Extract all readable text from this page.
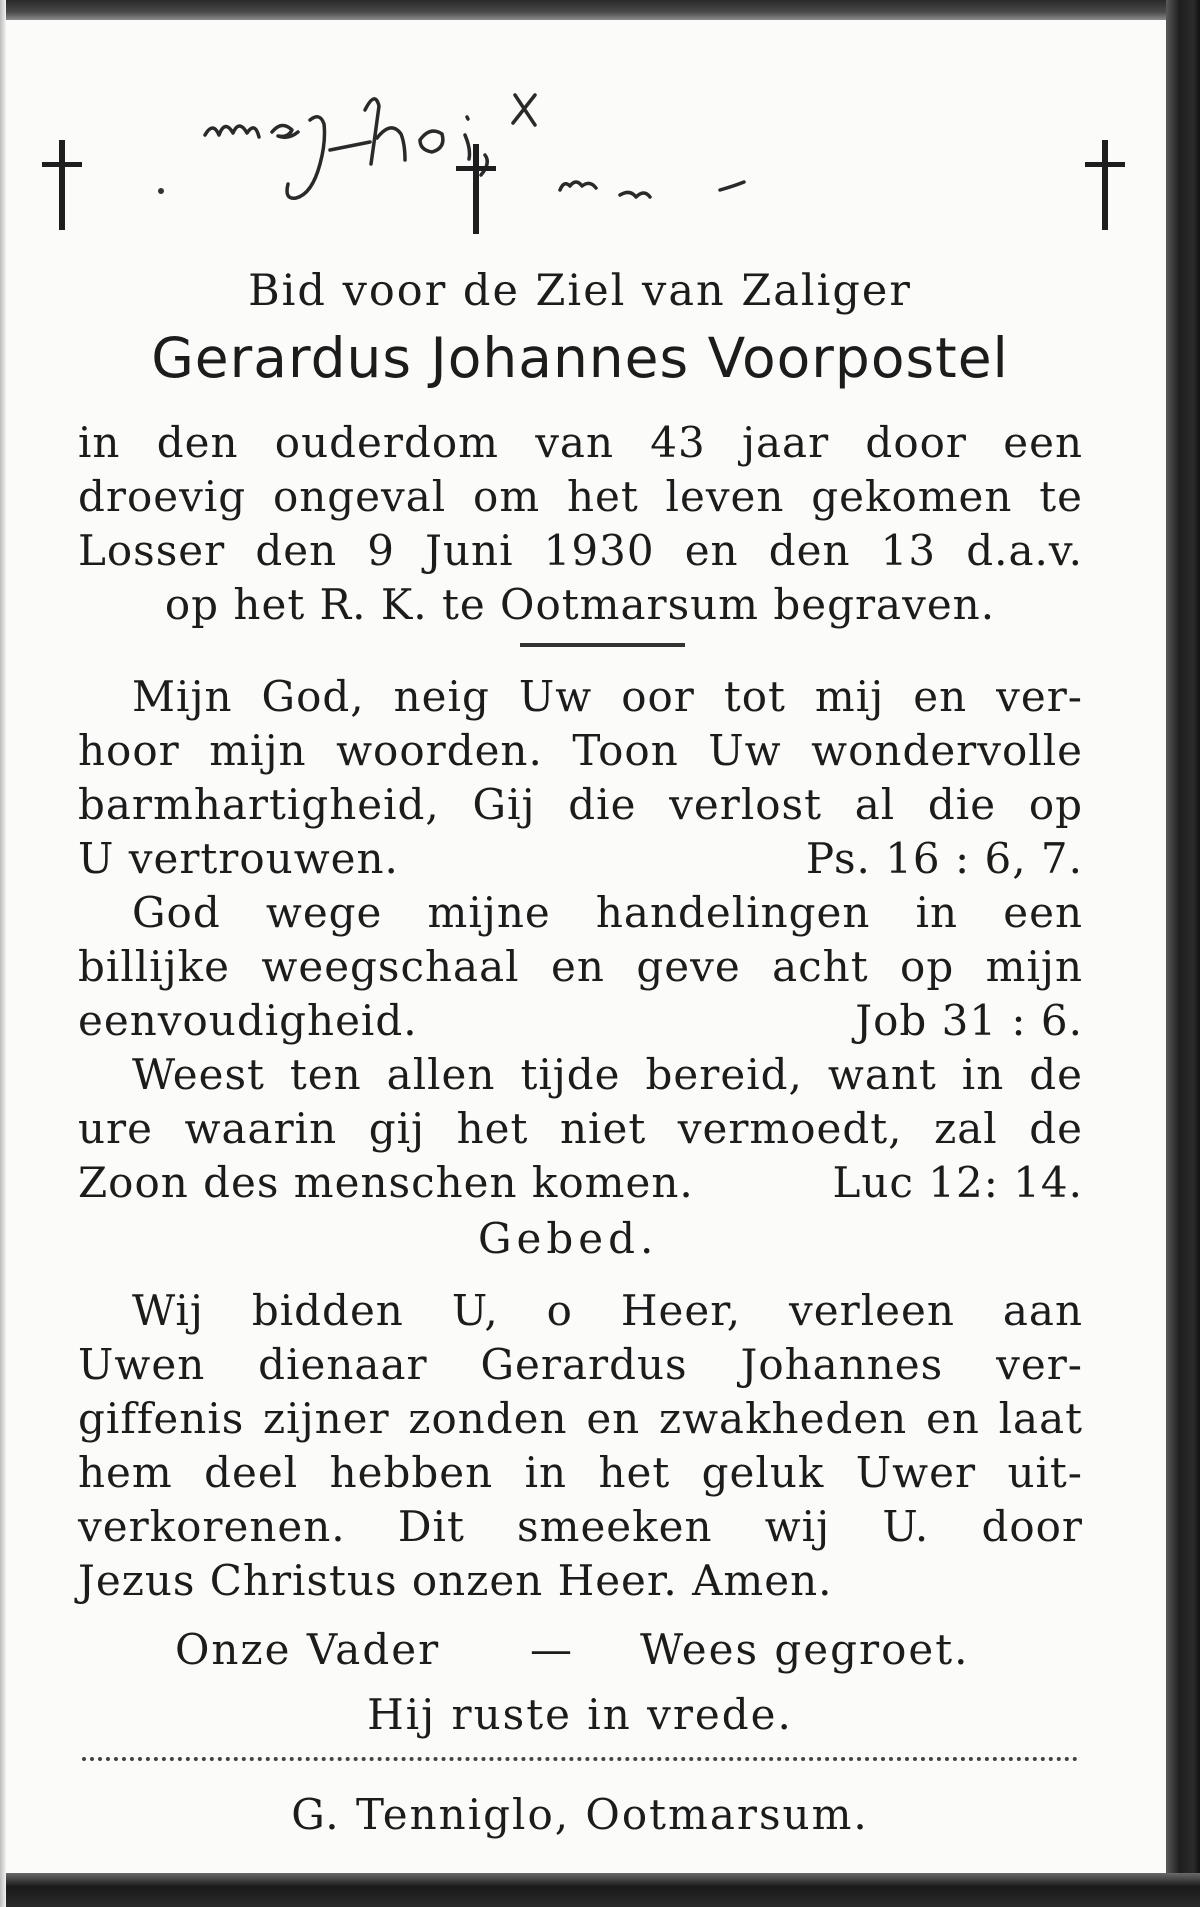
Bid voor de Ziel van Zaliger
Gerardus Johannes Voorpostel
in den ouderdom van 43 jaar door een
droevig ongeval om het leven gekomen te
Losser den 9 Juni 1930 en den 13 d.a.v.
op het R. K. te Ootmarsum begraven.
Mijn God, neig Uw oor tot mij en ver-
hoor mijn woorden. Toon Uw wondervolle
barmhartigheid, Gij die verlost al die op
U vertrouwen.	Ps. 16 : 6, 7.
God wege mijne handelingen in een
billijke weegschaal en geve acht op mijn
eenvoudigheid.	Job 31 : 6.
Weest ten allen tijde bereid, want in de
ure waarin gij het niet vermoedt, zal de
Zoon des menschen komen.	Luc 12: 14.
Gebed.
Wij bidden U, o Heer, verleen aan
Uwen dienaar Gerardus Johannes ver-
giffenis zijner zonden en zwakheden en laat
hem deel hebben in het geluk Uwer uit-
verkorenen. Dit smeeken wij U. door
Jezus Christus onzen Heer. Amen.
Onze Vader — Wees gegroet.
Hij ruste in vrede.
G. Tenniglo, Ootmarsum.
